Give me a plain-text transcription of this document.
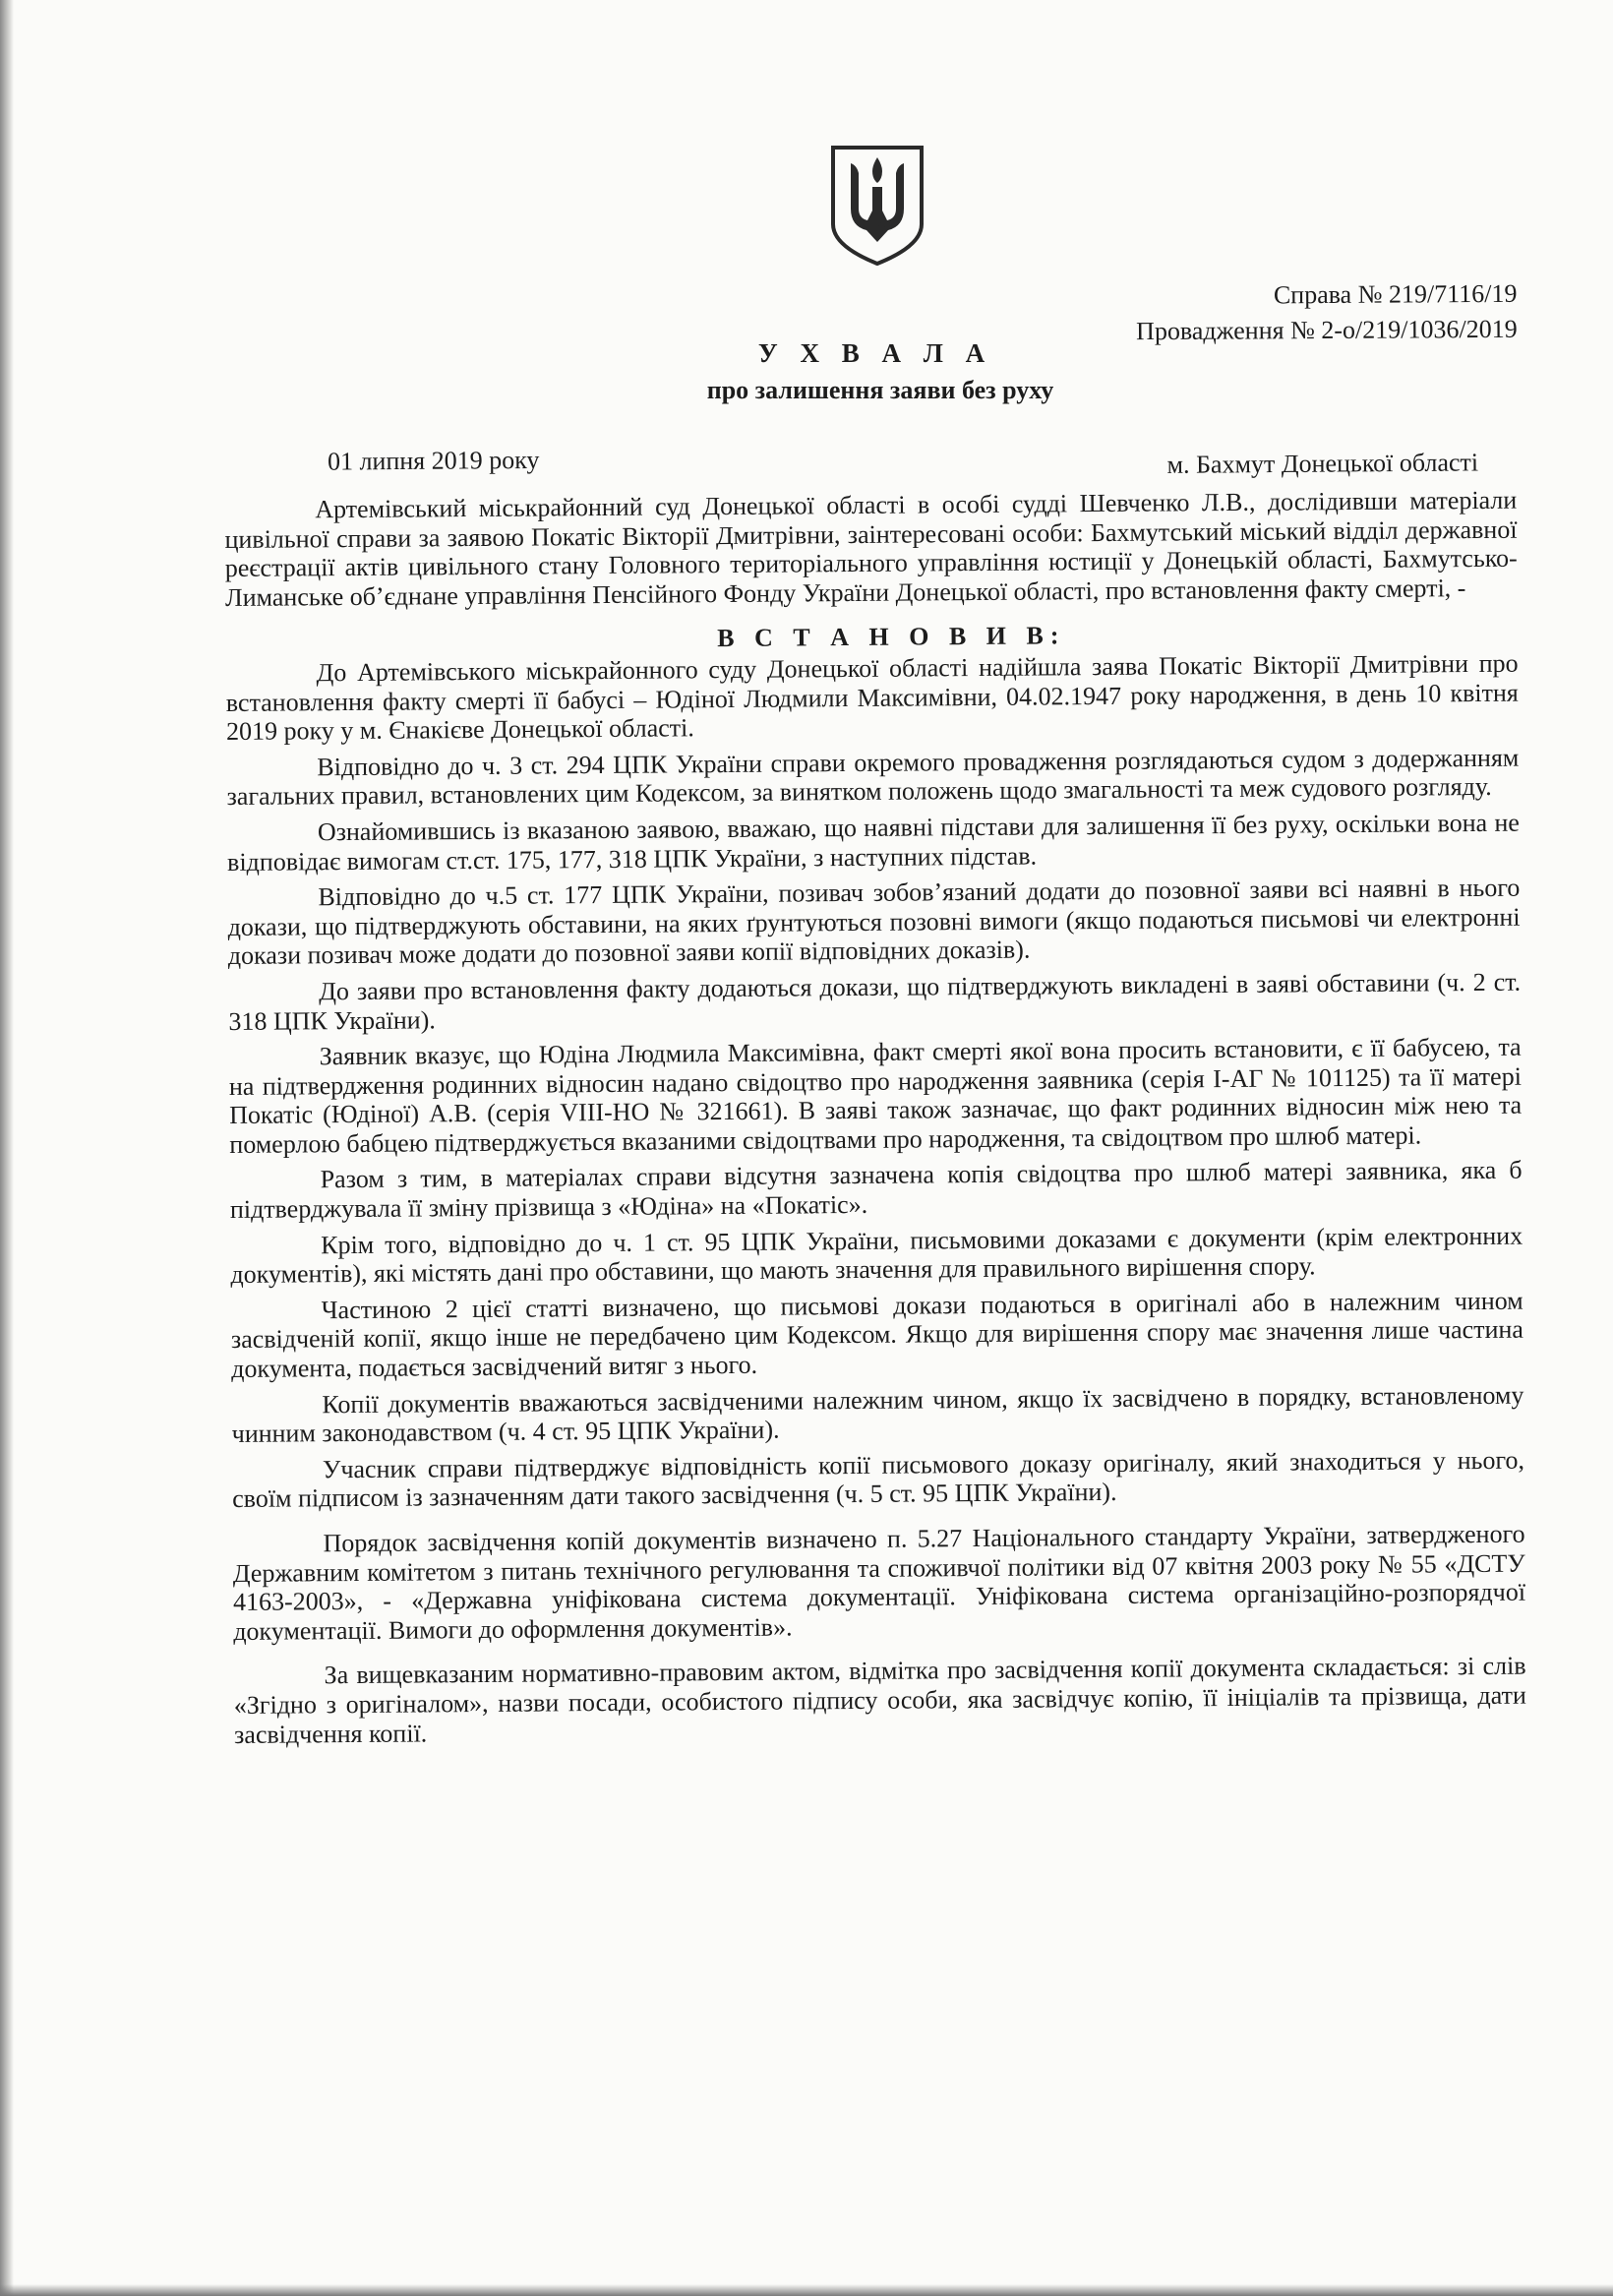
Справа № 219/7116/19
Провадження № 2-о/219/1036/2019
У Х В А Л А
про залишення заяви без руху
01 липня 2019 року	м. Бахмут Донецької області

Артемівський міськрайонний суд Донецької області в особі судді Шевченко Л.В., дослідивши матеріали цивільної справи за заявою Покатіс Вікторії Дмитрівни, заінтересовані особи: Бахмутський міський відділ державної реєстрації актів цивільного стану Головного територіального управління юстиції у Донецькій області, Бахмутсько-Лиманське об’єднане управління Пенсійного Фонду України Донецької області, про встановлення факту смерті, -

В С Т А Н О В И В:

До Артемівського міськрайонного суду Донецької області надійшла заява Покатіс Вікторії Дмитрівни про встановлення факту смерті її бабусі – Юдіної Людмили Максимівни, 04.02.1947 року народження, в день 10 квітня 2019 року у м. Єнакієве Донецької області.

Відповідно до ч. 3 ст. 294 ЦПК України справи окремого провадження розглядаються судом з додержанням загальних правил, встановлених цим Кодексом, за винятком положень щодо змагальності та меж судового розгляду.

Ознайомившись із вказаною заявою, вважаю, що наявні підстави для залишення її без руху, оскільки вона не відповідає вимогам ст.ст. 175, 177, 318 ЦПК України, з наступних підстав.

Відповідно до ч.5 ст. 177 ЦПК України, позивач зобов’язаний додати до позовної заяви всі наявні в нього докази, що підтверджують обставини, на яких ґрунтуються позовні вимоги (якщо подаються письмові чи електронні докази позивач може додати до позовної заяви копії відповідних доказів).

До заяви про встановлення факту додаються докази, що підтверджують викладені в заяві обставини (ч. 2 ст. 318 ЦПК України).

Заявник вказує, що Юдіна Людмила Максимівна, факт смерті якої вона просить встановити, є її бабусею, та на підтвердження родинних відносин надано свідоцтво про народження заявника (серія І-АГ № 101125) та її матері Покатіс (Юдіної) А.В. (серія VIII-НО № 321661). В заяві також зазначає, що факт родинних відносин між нею та померлою бабцею підтверджується вказаними свідоцтвами про народження, та свідоцтвом про шлюб матері.

Разом з тим, в матеріалах справи відсутня зазначена копія свідоцтва про шлюб матері заявника, яка б підтверджувала її зміну прізвища з «Юдіна» на «Покатіс».

Крім того, відповідно до ч. 1 ст. 95 ЦПК України, письмовими доказами є документи (крім електронних документів), які містять дані про обставини, що мають значення для правильного вирішення спору.

Частиною 2 цієї статті визначено, що письмові докази подаються в оригіналі або в належним чином засвідченій копії, якщо інше не передбачено цим Кодексом. Якщо для вирішення спору має значення лише частина документа, подається засвідчений витяг з нього.

Копії документів вважаються засвідченими належним чином, якщо їх засвідчено в порядку, встановленому чинним законодавством (ч. 4 ст. 95 ЦПК України).

Учасник справи підтверджує відповідність копії письмового доказу оригіналу, який знаходиться у нього, своїм підписом із зазначенням дати такого засвідчення (ч. 5 ст. 95 ЦПК України).

Порядок засвідчення копій документів визначено п. 5.27 Національного стандарту України, затвердженого Державним комітетом з питань технічного регулювання та споживчої політики від 07 квітня 2003 року № 55 «ДСТУ 4163-2003», - «Державна уніфікована система документації. Уніфікована система організаційно-розпорядчої документації. Вимоги до оформлення документів».

За вищевказаним нормативно-правовим актом, відмітка про засвідчення копії документа складається: зі слів «Згідно з оригіналом», назви посади, особистого підпису особи, яка засвідчує копію, її ініціалів та прізвища, дати засвідчення копії.
